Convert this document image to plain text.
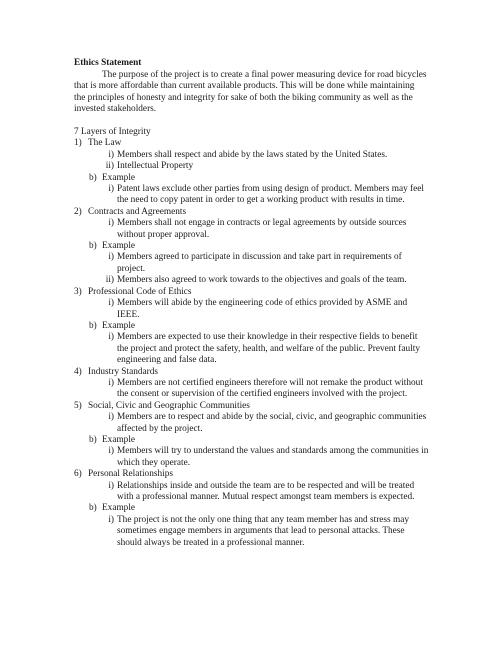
Ethics Statement
The purpose of the project is to create a final power measuring device for road bicycles that is more affordable than current available products. This will be done while maintaining the principles of honesty and integrity for sake of both the biking community as well as the invested stakeholders.
7 Layers of Integrity
1) The Law
i) Members shall respect and abide by the laws stated by the United States.
ii) Intellectual Property
b) Example
i) Patent laws exclude other parties from using design of product. Members may feel the need to copy patent in order to get a working product with results in time.
2) Contracts and Agreements
i) Members shall not engage in contracts or legal agreements by outside sources without proper approval.
b) Example
i) Members agreed to participate in discussion and take part in requirements of project.
ii) Members also agreed to work towards to the objectives and goals of the team.
3) Professional Code of Ethics
i) Members will abide by the engineering code of ethics provided by ASME and IEEE.
b) Example
i) Members are expected to use their knowledge in their respective fields to benefit the project and protect the safety, health, and welfare of the public. Prevent faulty engineering and false data.
4) Industry Standards
i) Members are not certified engineers therefore will not remake the product without the consent or supervision of the certified engineers involved with the project.
5) Social, Civic and Geographic Communities
i) Members are to respect and abide by the social, civic, and geographic communities affected by the project.
b) Example
i) Members will try to understand the values and standards among the communities in which they operate.
6) Personal Relationships
i) Relationships inside and outside the team are to be respected and will be treated with a professional manner. Mutual respect amongst team members is expected.
b) Example
i) The project is not the only one thing that any team member has and stress may sometimes engage members in arguments that lead to personal attacks. These should always be treated in a professional manner.
